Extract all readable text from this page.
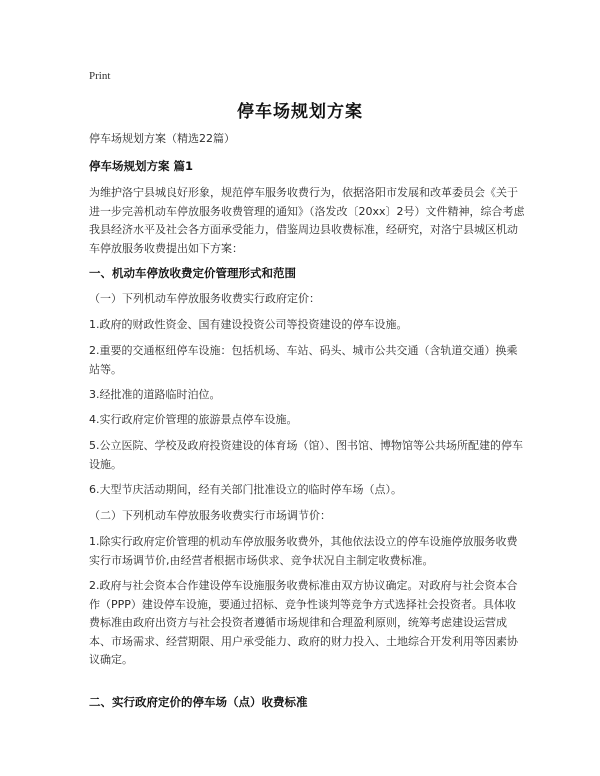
Print
停车场规划方案

停车场规划方案（精选22篇）

停车场规划方案 篇1

为维护洛宁县城良好形象，规范停车服务收费行为，依据洛阳市发展和改革委员会《关于进一步完善机动车停放服务收费管理的通知》（洛发改〔20xx〕2号）文件精神，综合考虑我县经济水平及社会各方面承受能力，借鉴周边县收费标准，经研究，对洛宁县城区机动车停放服务收费提出如下方案：

一、机动车停放收费定价管理形式和范围

（一）下列机动车停放服务收费实行政府定价：

1.政府的财政性资金、国有建设投资公司等投资建设的停车设施。

2.重要的交通枢纽停车设施：包括机场、车站、码头、城市公共交通（含轨道交通）换乘站等。

3.经批准的道路临时泊位。

4.实行政府定价管理的旅游景点停车设施。

5.公立医院、学校及政府投资建设的体育场（馆）、图书馆、博物馆等公共场所配建的停车设施。

6.大型节庆活动期间，经有关部门批准设立的临时停车场（点）。

（二）下列机动车停放服务收费实行市场调节价：

1.除实行政府定价管理的机动车停放服务收费外，其他依法设立的停车设施停放服务收费实行市场调节价,由经营者根据市场供求、竞争状况自主制定收费标准。

2.政府与社会资本合作建设停车设施服务收费标准由双方协议确定。对政府与社会资本合作（PPP）建设停车设施，要通过招标、竞争性谈判等竞争方式选择社会投资者。具体收费标准由政府出资方与社会投资者遵循市场规律和合理盈利原则，统筹考虑建设运营成本、市场需求、经营期限、用户承受能力、政府的财力投入、土地综合开发利用等因素协议确定。

二、实行政府定价的停车场（点）收费标准
